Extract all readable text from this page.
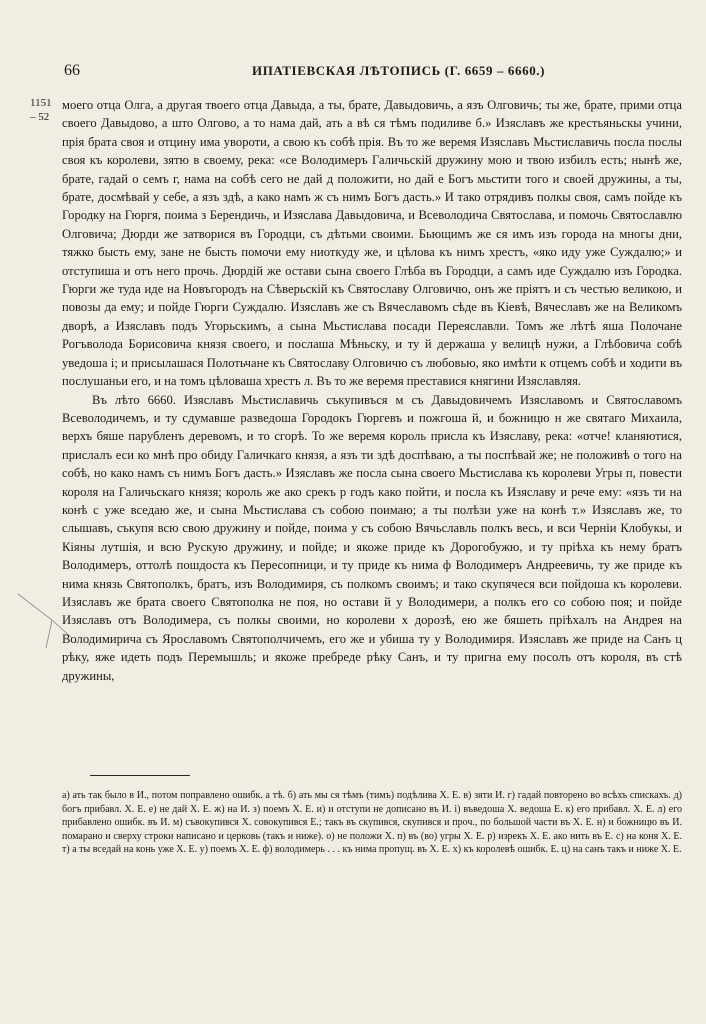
66	ИПАТІЕВСКАЯ ЛѢТОПИСЬ (Г. 6659 – 6660.)
1151
– 52

моего отца Олга, а другая твоего отца Давыда, а ты, брате, Давыдовичь, а язъ Олговичь; ты же, брате, прими отца своего Давыдово, а што Олгово, а то нама дай, ать а вѣ ся тѣмъ подиливе б.» Изяславъ же крестьяньскы учини, прія брата своя и отцину има увороти, а свою къ собѣ прія. Въ то же веремя Изяславъ Мьстиславичь посла послы своя къ королеви, зятю в своему, река: «се Володимеръ Галичьскій дружину мою и твою избилъ есть; нынѣ же, брате, гадай о семъ г, нама на собѣ сего не дай д положити, но дай е Богъ мьстити того и своей дружины, а ты, брате, досмѣвай у себе, а язъ здѣ, а како намъ ж съ нимъ Богъ дасть.» И тако отрядивъ полкы своя, самъ пойде къ Городку на Гюргя, поима з Берендичь, и Изяслава Давыдовича, и Всеволодича Святослава, и помочь Святославлю Олговича; Дюрди же затворися въ Городци, съ дѣтьми своими. Бьющимъ же ся имъ изъ города на многы дни, тяжко бысть ему, зане не бысть помочи ему ниоткуду же, и цѣлова къ нимъ хрестъ, «яко иду уже Суждалю;» и отступиша и отъ него прочь. Дюрдій же остави сына своего Глѣба въ Городци, а самъ иде Суждалю изъ Городка. Гюрги же туда иде на Новъгородъ на Сѣверьскій къ Святославу Олговичю, онъ же пріятъ и съ честью великою, и повозы да ему; и пойде Гюрги Суждалю. Изяславъ же съ Вячеславомъ сѣде въ Кіевѣ, Вячеславъ же на Великомъ дворѣ, а Изяславъ подъ Угорьскимъ, а сына Мьстислава посади Переяславли. Томъ же лѣтѣ яша Полочане Рогъволода Борисовича князя своего, и послаша Мѣньску, и ту й держаша у велицѣ нужи, а Глѣбовича собѣ уведоша і; и присылашася Полотьчане къ Святославу Олговичю съ любовью, яко имѣти к отцемъ собѣ и ходити въ послушаньи его, и на томъ цѣловаша хрестъ л. Въ то же веремя преставися княгини Изяславляя.

Въ лѣто 6660. Изяславъ Мьстиславичь съкупивъся м съ Давыдовичемъ Изяславомъ и Святославомъ Всеволодичемъ, и ту сдумавше разведоша Городокъ Гюргевъ и пожгоша й, и божницю н же святаго Михаила, верхъ бяше парубленъ деревомъ, и то сгорѣ. То же веремя король присла къ Изяславу, река: «отче! кланяютися, прислалъ еси ко мнѣ про обиду Галичкаго князя, а язъ ти здѣ доспѣваю, а ты поспѣвай же; не положивѣ о того на собѣ, но како намъ съ нимъ Богъ дасть.» Изяславъ же посла сына своего Мьстислава къ королеви Угры п, повести короля на Галичьскаго князя; король же ако срекъ р годъ како пойти, и посла къ Изяславу и рече ему: «язъ ти на конѣ с уже вседаю же, и сына Мьстислава съ собою поимаю; а ты полѣзи уже на конѣ т.» Изяславъ же, то слышавъ, съкупя всю свою дружину и пойде, поима у съ собою Вячьславль полкъ весь, и вси Черніи Клобукы, и Кіяны лутшія, и всю Рускую дружину, и пойде; и якоже приде къ Дорогобужю, и ту пріѣха къ нему братъ Володимеръ, оттолѣ пошдоста къ Пересопници, и ту приде къ нима ф Володимеръ Андреевичь, ту же приде къ нима князь Святополкъ, братъ, изъ Володимиря, съ полкомъ своимъ; и тако скупячеся вси пойдоша къ королеви. Изяславъ же брата своего Святополка не поя, но остави й у Володимери, а полкъ его со собою поя; и пойде Изяславъ отъ Володимера, съ полкы своими, но королеви х дорозѣ, ею же бяшеть пріѣхалъ на Андрея на Володимирича съ Ярославомъ Святополчичемъ, его же и убиша ту у Володимиря. Изяславъ же приде на Санъ ц рѣку, яже идеть подъ Перемышль; и якоже пребреде рѣку Санъ, и ту пригна ему посолъ отъ короля, въ стѣ дружины,

а) ать так было в И., потом поправлено ошибк. а тѣ. б) ать мы ся тѣмъ (тимъ) подѣлива Х. Е. в) зяти И. г) гадай повторено во всѣхъ спискахъ. д) богъ прибавл. Х. Е. е) не дай Х. Е. ж) на И. з) поемъ Х. Е. и) и отступи не дописано въ И. і) въведоша Х. ведоша Е. к) его прибавл. Х. Е. л) его прибавлено ошибк. въ И. м) съвокупився Х. совокупився Е.; такъ въ скупився, скупився и проч., по большой части въ Х. Е. н) и божницю въ И. помарано и сверху строки написано и церковь (такъ и ниже). о) не положи Х. п) въ (во) угры Х. Е. р) изрекъ Х. Е. ако нить въ Е. с) на коня Х. Е. т) а ты вседай на конь уже Х. Е. у) поемъ Х. Е. ф) володимерь . . . къ нима пропущ. въ Х. Е. х) къ королевѣ ошибк. Е. ц) на санъ такъ и ниже Х. Е.
